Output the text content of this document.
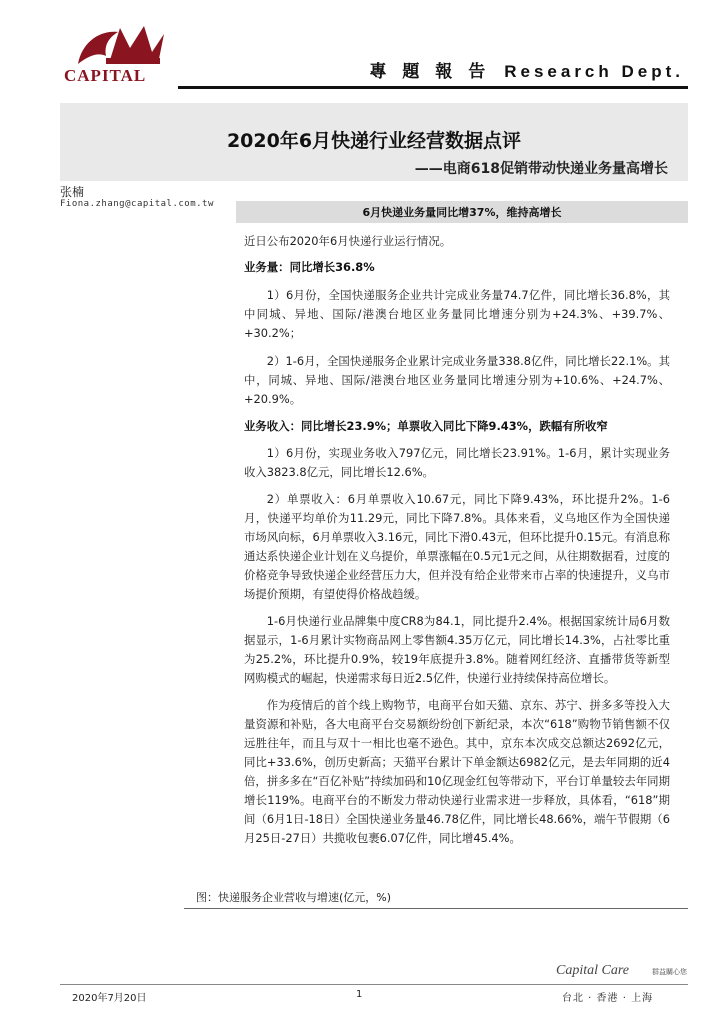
CAPITAL	專 題 報 告 Research Dept.
2020年6月快递行业经营数据点评
——电商618促销带动快递业务量高增长
张楠
Fiona.zhang@capital.com.tw
6月快递业务量同比增37%，维持高增长

近日公布2020年6月快递行业运行情况。

业务量：同比增长36.8%

1）6月份，全国快递服务企业共计完成业务量74.7亿件，同比增长36.8%，其中同城、异地、国际/港澳台地区业务量同比增速分别为+24.3%、+39.7%、+30.2%；

2）1-6月，全国快递服务企业累计完成业务量338.8亿件，同比增长22.1%。其中，同城、异地、国际/港澳台地区业务量同比增速分别为+10.6%、+24.7%、+20.9%。

业务收入：同比增长23.9%；单票收入同比下降9.43%，跌幅有所收窄

1）6月份，实现业务收入797亿元，同比增长23.91%。1-6月，累计实现业务收入3823.8亿元，同比增长12.6%。

2）单票收入：6月单票收入10.67元，同比下降9.43%，环比提升2%。1-6月，快递平均单价为11.29元，同比下降7.8%。具体来看，义乌地区作为全国快递市场风向标，6月单票收入3.16元，同比下滑0.43元，但环比提升0.15元。有消息称通达系快递企业计划在义乌提价，单票涨幅在0.5元1元之间，从往期数据看，过度的价格竞争导致快递企业经营压力大，但并没有给企业带来市占率的快速提升，义乌市场提价预期，有望使得价格战趋缓。

1-6月快递行业品牌集中度CR8为84.1，同比提升2.4%。根据国家统计局6月数据显示，1-6月累计实物商品网上零售额4.35万亿元，同比增长14.3%，占社零比重为25.2%，环比提升0.9%，较19年底提升3.8%。随着网红经济、直播带货等新型网购模式的崛起，快递需求每日近2.5亿件，快递行业持续保持高位增长。

作为疫情后的首个线上购物节，电商平台如天猫、京东、苏宁、拼多多等投入大量资源和补贴，各大电商平台交易额纷纷创下新纪录，本次“618”购物节销售额不仅远胜往年，而且与双十一相比也毫不逊色。其中，京东本次成交总额达2692亿元，同比+33.6%，创历史新高；天猫平台累计下单金额达6982亿元，是去年同期的近4倍，拼多多在“百亿补贴”持续加码和10亿现金红包等带动下，平台订单量较去年同期增长119%。电商平台的不断发力带动快递行业需求进一步释放，具体看，“618”期间（6月1日-18日）全国快递业务量46.78亿件，同比增长48.66%，端午节假期（6月25日-27日）共揽收包裹6.07亿件，同比增45.4%。

图：快递服务企业营收与增速(亿元，%)
Capital Care	群益關心您
2020年7月20日	1	台北 · 香港 · 上海
